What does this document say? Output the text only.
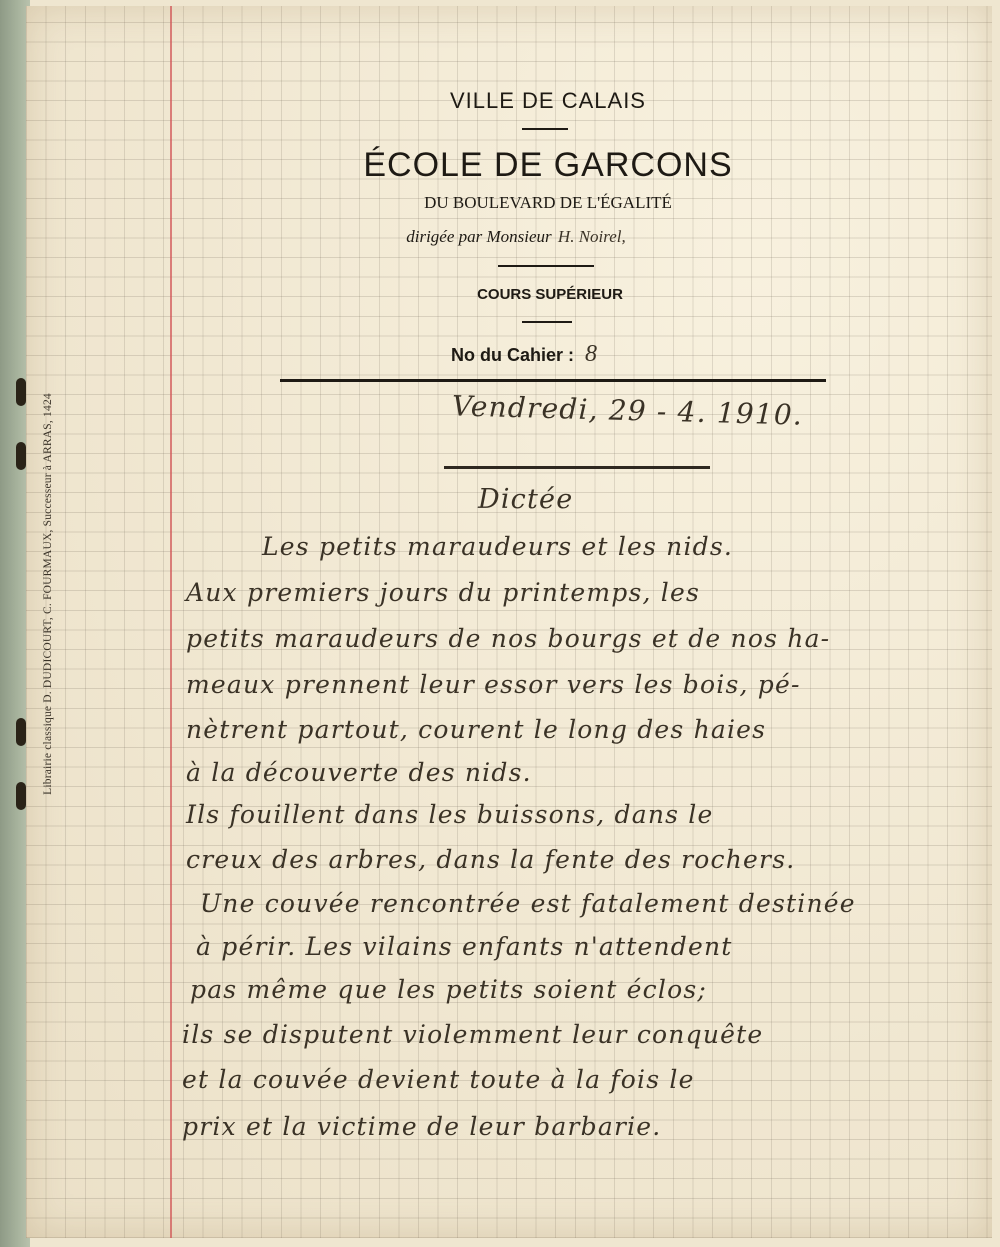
Librairie classique D. DUDICOURT, C. FOURMAUX, Successeur à ARRAS, 1424
VILLE DE CALAIS
ÉCOLE DE GARCONS
DU BOULEVARD DE L'ÉGALITÉ
dirigée par Monsieur H. Noirel,
COURS SUPÉRIEUR
No du Cahier : 8
Vendredi, 29 - 4. 1910.
Dictée
Les petits maraudeurs et les nids.
Aux premiers jours du printemps, les
petits maraudeurs de nos bourgs et de nos ha-
meaux prennent leur essor vers les bois, pé-
nètrent partout, courent le long des haies
à la découverte des nids.
Ils fouillent dans les buissons, dans le
creux des arbres, dans la fente des rochers.
Une couvée rencontrée est fatalement destinée
à périr. Les vilains enfants n'attendent
pas même que les petits soient éclos;
ils se disputent violemment leur conquête
et la couvée devient toute à la fois le
prix et la victime de leur barbarie.
